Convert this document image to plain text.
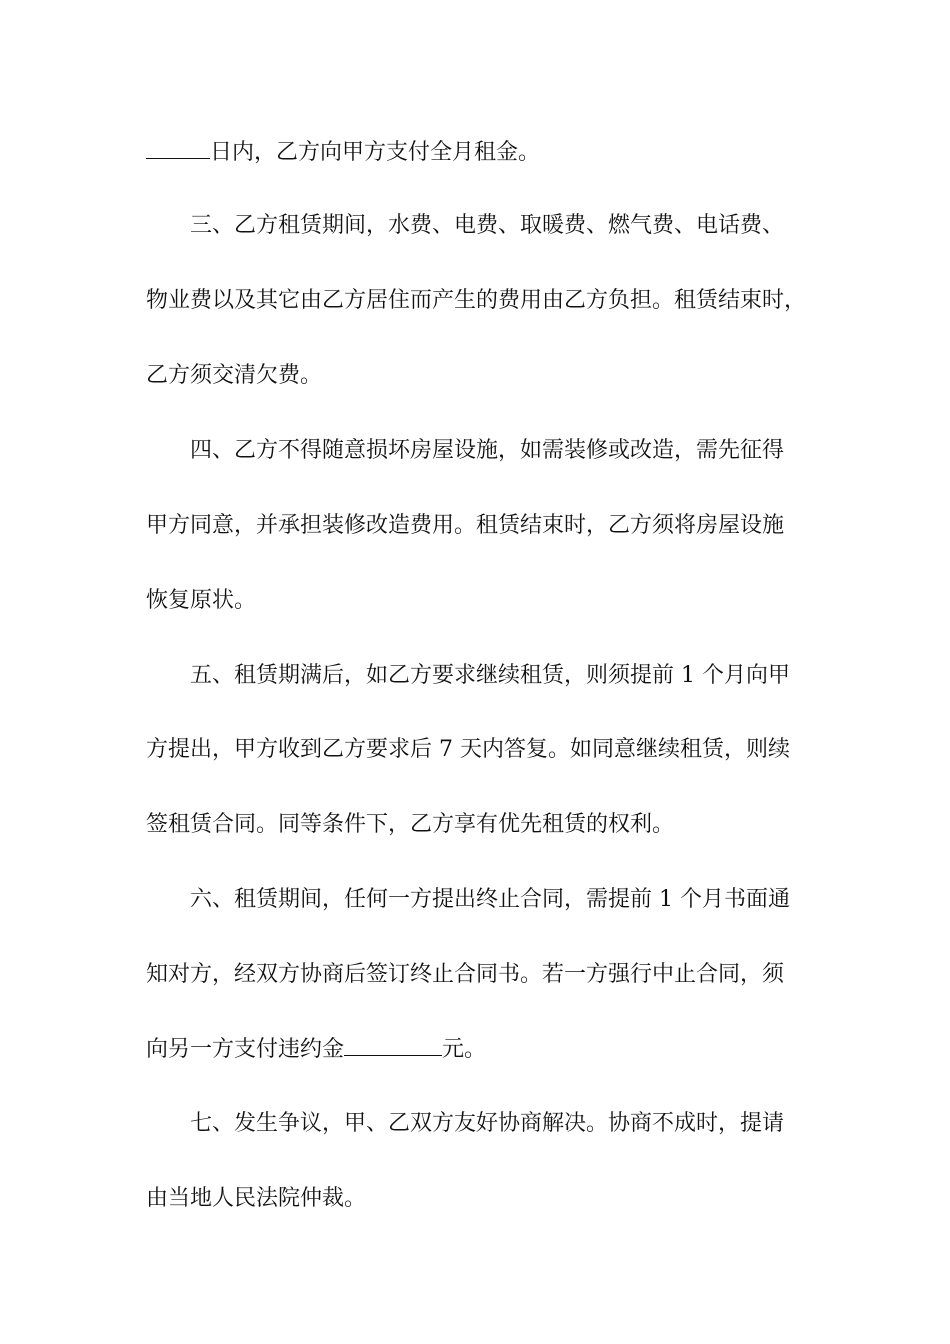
日内，乙方向甲方支付全月租金。

三、乙方租赁期间，水费、电费、取暖费、燃气费、电话费、

物业费以及其它由乙方居住而产生的费用由乙方负担。租赁结束时，

乙方须交清欠费。

四、乙方不得随意损坏房屋设施，如需装修或改造，需先征得

甲方同意，并承担装修改造费用。租赁结束时，乙方须将房屋设施

恢复原状。

五、租赁期满后，如乙方要求继续租赁，则须提前 1 个月向甲

方提出，甲方收到乙方要求后 7 天内答复。如同意继续租赁，则续

签租赁合同。同等条件下，乙方享有优先租赁的权利。

六、租赁期间，任何一方提出终止合同，需提前 1 个月书面通

知对方，经双方协商后签订终止合同书。若一方强行中止合同，须

向另一方支付违约金	元。

七、发生争议，甲、乙双方友好协商解决。协商不成时，提请

由当地人民法院仲裁。
